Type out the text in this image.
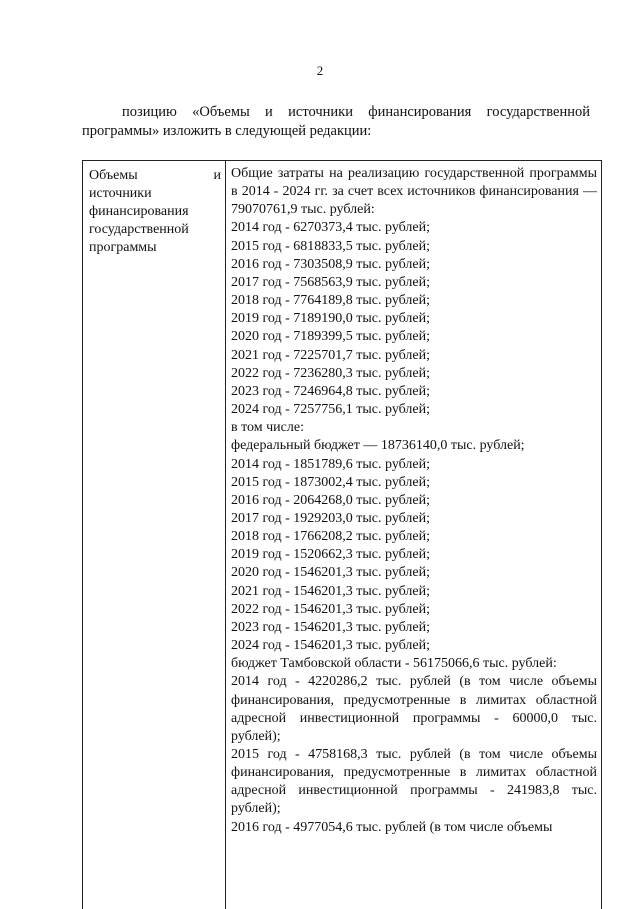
2
позицию «Объемы и источники финансирования государственной программы» изложить в следующей редакции:
Объемы	и
источники
финансирования
государственной
программы
Общие затраты на реализацию государственной программы в 2014 - 2024 гг. за счет всех источников финансирования — 79070761,9 тыс. рублей:
2014 год - 6270373,4 тыс. рублей;
2015 год - 6818833,5 тыс. рублей;
2016 год - 7303508,9 тыс. рублей;
2017 год - 7568563,9 тыс. рублей;
2018 год - 7764189,8 тыс. рублей;
2019 год - 7189190,0 тыс. рублей;
2020 год - 7189399,5 тыс. рублей;
2021 год - 7225701,7 тыс. рублей;
2022 год - 7236280,3 тыс. рублей;
2023 год - 7246964,8 тыс. рублей;
2024 год - 7257756,1 тыс. рублей;
в том числе:
федеральный бюджет — 18736140,0 тыс. рублей;
2014 год - 1851789,6 тыс. рублей;
2015 год - 1873002,4 тыс. рублей;
2016 год - 2064268,0 тыс. рублей;
2017 год - 1929203,0 тыс. рублей;
2018 год - 1766208,2 тыс. рублей;
2019 год - 1520662,3 тыс. рублей;
2020 год - 1546201,3 тыс. рублей;
2021 год - 1546201,3 тыс. рублей;
2022 год - 1546201,3 тыс. рублей;
2023 год - 1546201,3 тыс. рублей;
2024 год - 1546201,3 тыс. рублей;
бюджет Тамбовской области - 56175066,6 тыс. рублей:
2014 год - 4220286,2 тыс. рублей (в том числе объемы финансирования, предусмотренные в лимитах областной адресной инвестиционной программы - 60000,0 тыс. рублей);
2015 год - 4758168,3 тыс. рублей (в том числе объемы финансирования, предусмотренные в лимитах областной адресной инвестиционной программы - 241983,8 тыс. рублей);
2016 год - 4977054,6 тыс. рублей (в том числе объемы
